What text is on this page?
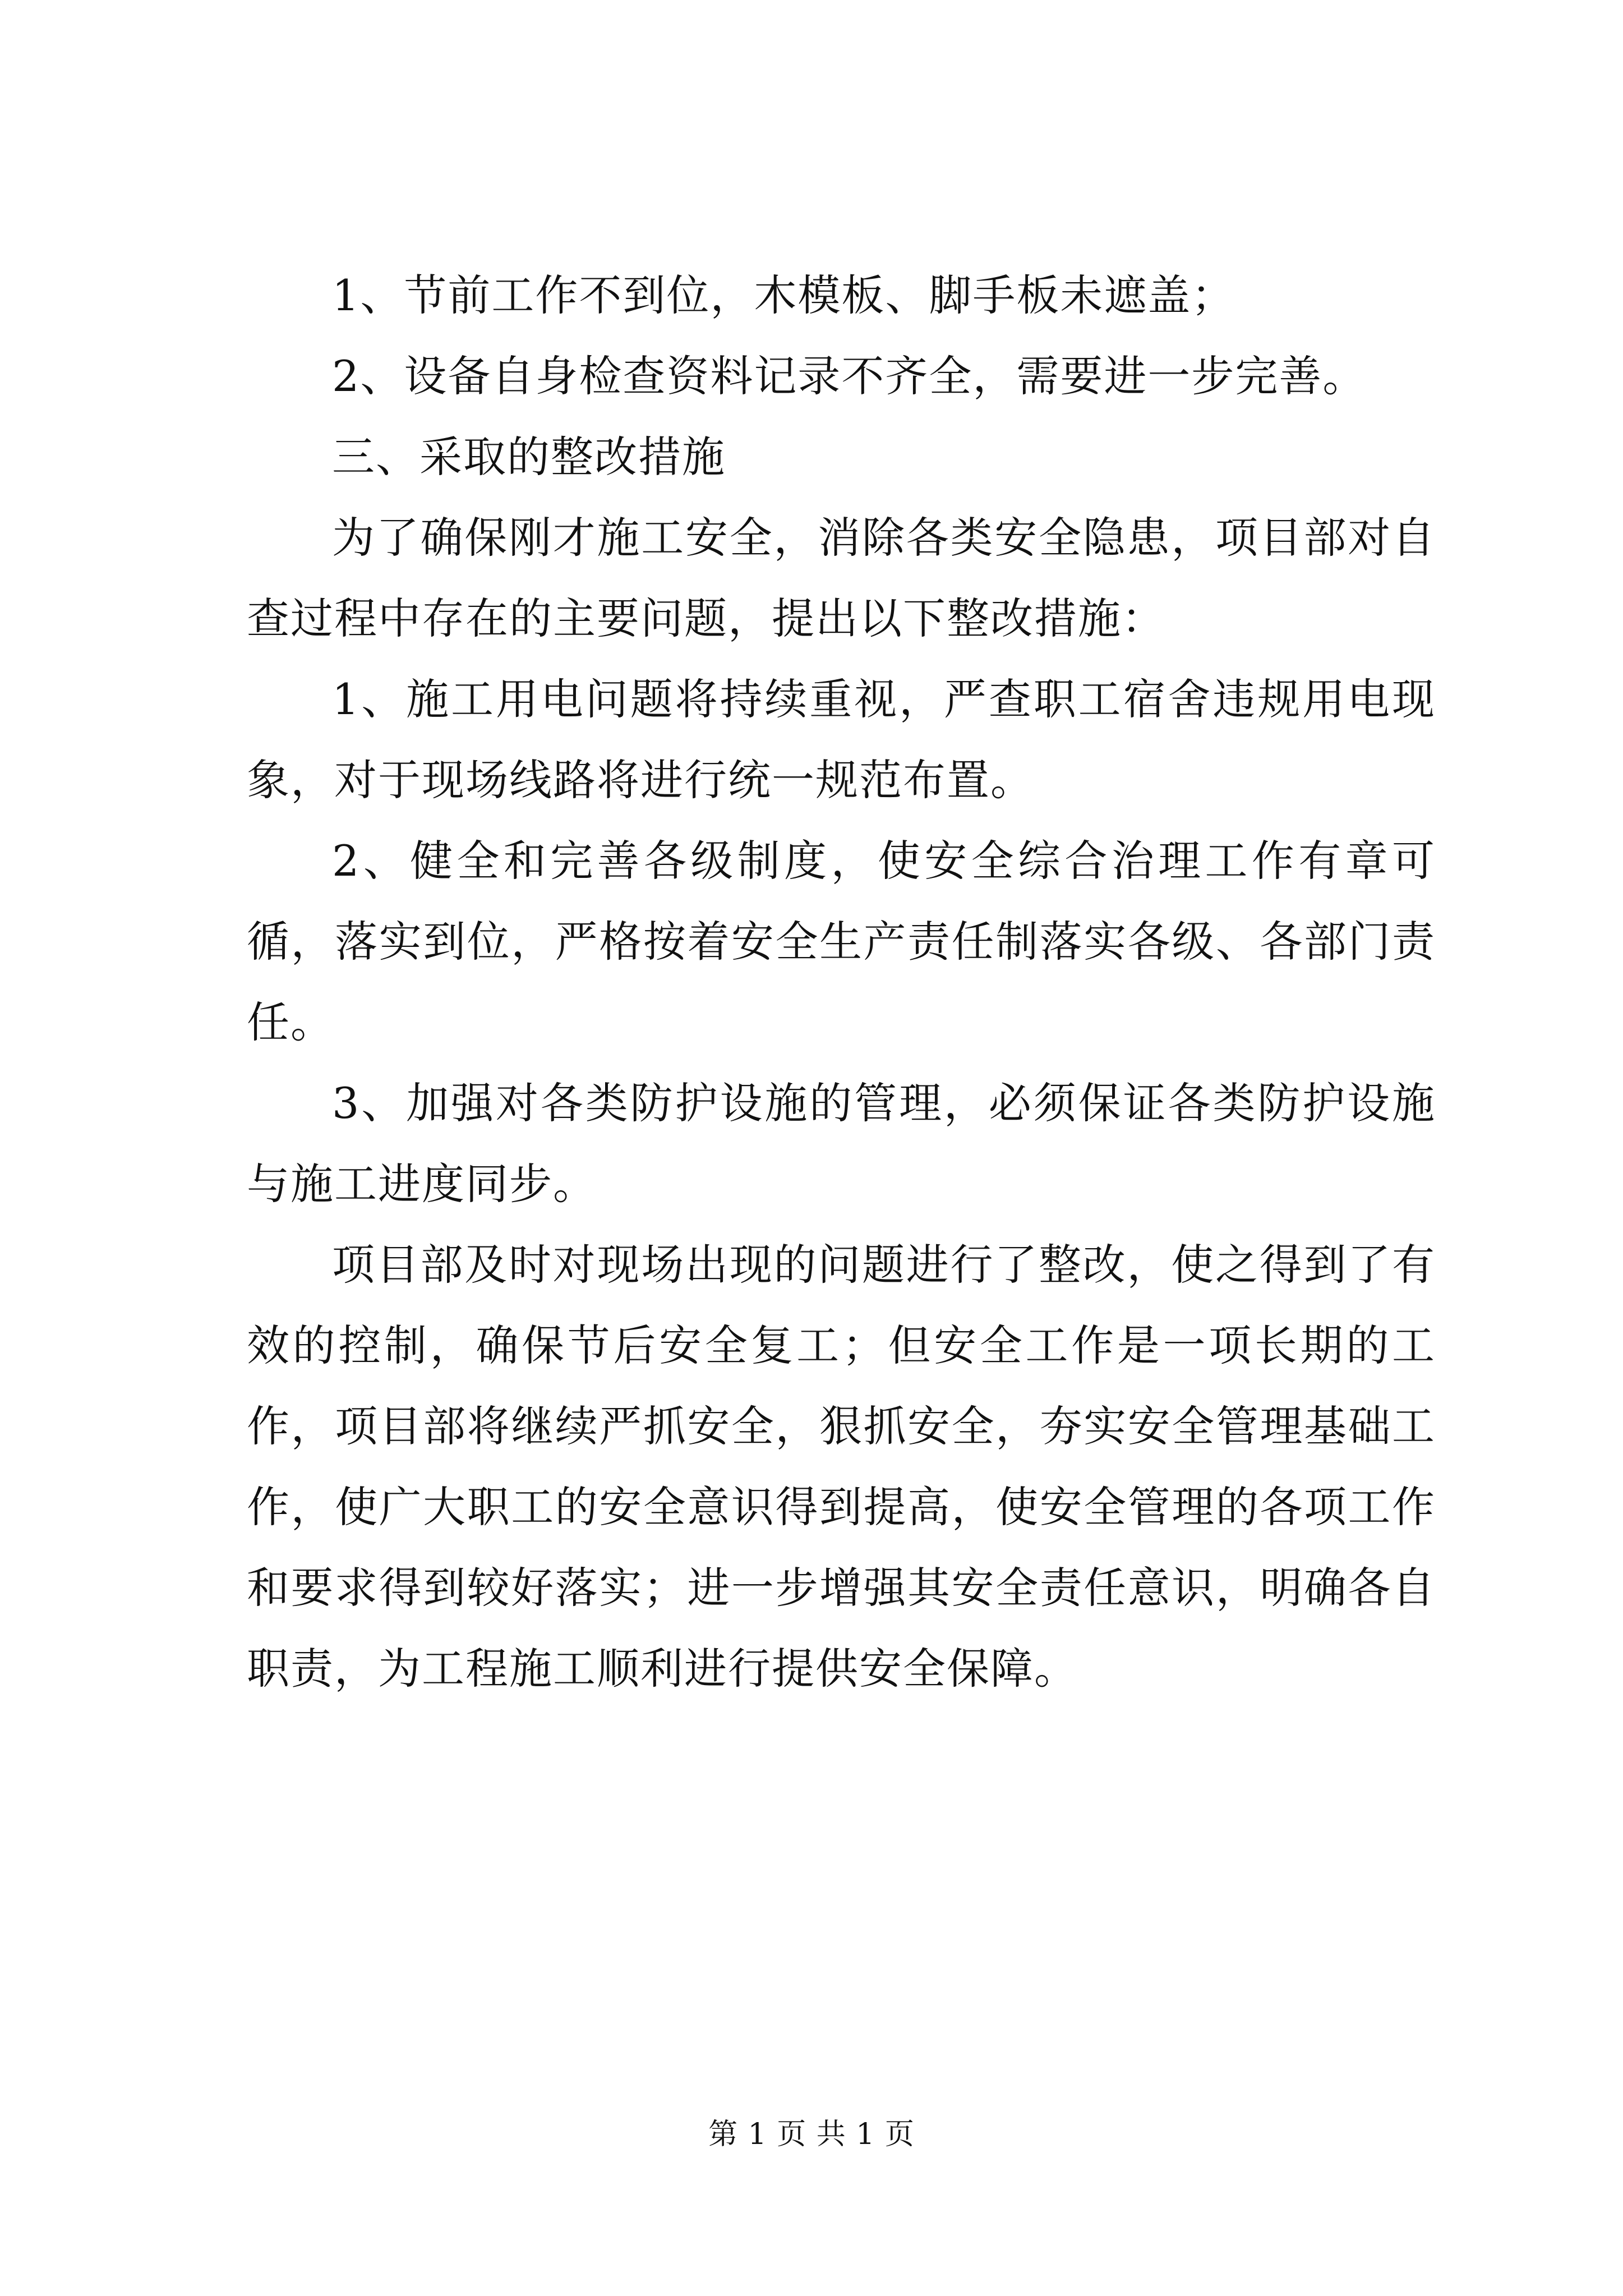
1、节前工作不到位，木模板、脚手板未遮盖；

2、设备自身检查资料记录不齐全，需要进一步完善。

三、采取的整改措施

为了确保刚才施工安全，消除各类安全隐患，项目部对自查过程中存在的主要问题，提出以下整改措施：

1、施工用电问题将持续重视，严查职工宿舍违规用电现象，对于现场线路将进行统一规范布置。

2、健全和完善各级制度，使安全综合治理工作有章可循，落实到位，严格按着安全生产责任制落实各级、各部门责任。

3、加强对各类防护设施的管理，必须保证各类防护设施与施工进度同步。

项目部及时对现场出现的问题进行了整改，使之得到了有效的控制，确保节后安全复工；但安全工作是一项长期的工作，项目部将继续严抓安全，狠抓安全，夯实安全管理基础工作，使广大职工的安全意识得到提高，使安全管理的各项工作和要求得到较好落实；进一步增强其安全责任意识，明确各自职责，为工程施工顺利进行提供安全保障。

第 1 页 共 1 页
